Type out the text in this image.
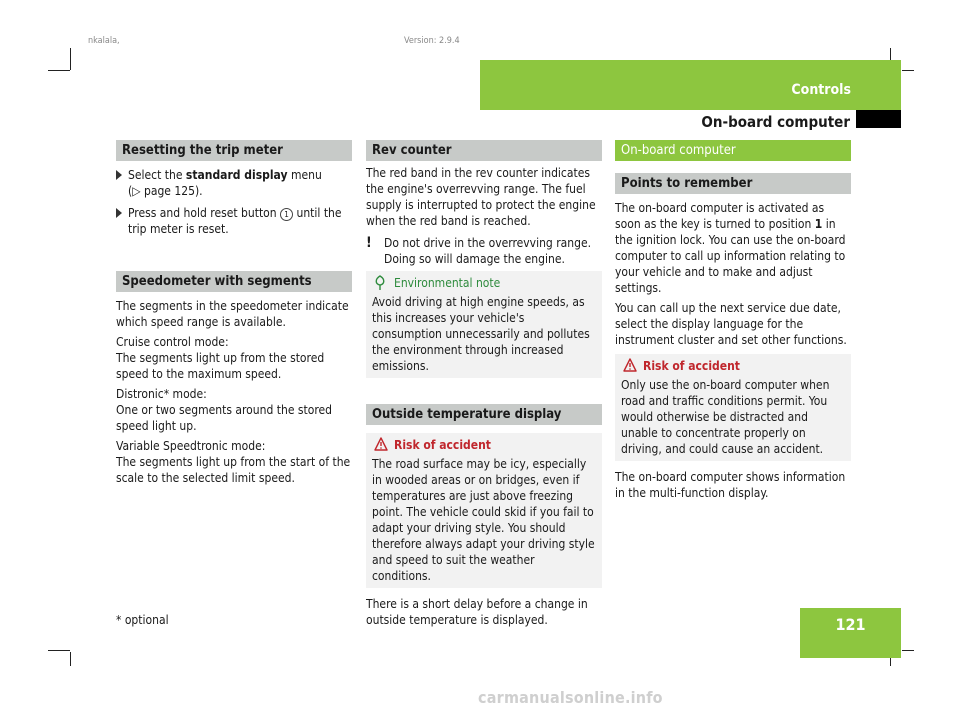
nkalala,	Version: 2.9.4
Controls
On-board computer
Resetting the trip meter
Select the standard display menu
(▷ page 125).
Press and hold reset button 1 until the trip meter is reset.
Speedometer with segments

The segments in the speedometer indicate which speed range is available.

Cruise control mode:

The segments light up from the stored speed to the maximum speed.

Distronic* mode:

One or two segments around the stored speed light up.

Variable Speedtronic mode:

The segments light up from the start of the scale to the selected limit speed.

Rev counter

The red band in the rev counter indicates the engine's overrevving range. The fuel supply is interrupted to protect the engine when the red band is reached.

! Do not drive in the overrevving range. Doing so will damage the engine.
Environmental note
Avoid driving at high engine speeds, as this increases your vehicle's consumption unnecessarily and pollutes the environment through increased emissions.
Outside temperature display
Risk of accident
The road surface may be icy, especially in wooded areas or on bridges, even if temperatures are just above freezing point. The vehicle could skid if you fail to adapt your driving style. You should therefore always adapt your driving style and speed to suit the weather conditions.

There is a short delay before a change in outside temperature is displayed.

On-board computer
Points to remember

The on-board computer is activated as soon as the key is turned to position 1 in the ignition lock. You can use the on-board computer to call up information relating to your vehicle and to make and adjust settings.

You can call up the next service due date, select the display language for the instrument cluster and set other functions.

Risk of accident
Only use the on-board computer when road and traffic conditions permit. You would otherwise be distracted and unable to concentrate properly on driving, and could cause an accident.

The on-board computer shows information in the multi-function display.

121
* optional
carmanualsonline.info
